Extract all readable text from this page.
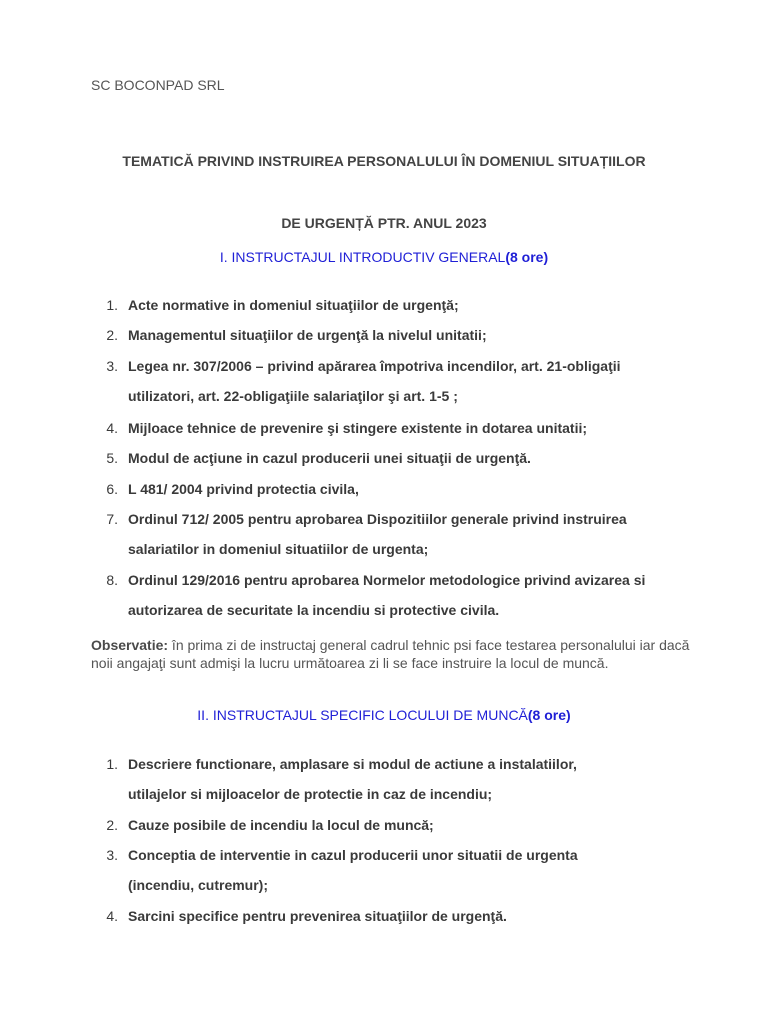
SC BOCONPAD SRL
TEMATICĂ PRIVIND INSTRUIREA PERSONALULUI ÎN DOMENIUL SITUAȚIILOR
DE URGENȚĂ PTR. ANUL 2023
I. INSTRUCTAJUL INTRODUCTIV GENERAL(8 ore)
1. Acte normative in domeniul situaţiilor de urgenţă;
2. Managementul situaţiilor de urgenţă la nivelul unitatii;
3. Legea nr. 307/2006 – privind apărarea împotriva incendilor, art. 21-obligaţii utilizatori, art. 22-obligaţiile salariaţilor şi art. 1-5 ;
4. Mijloace tehnice de prevenire şi stingere existente in dotarea unitatii;
5. Modul de acţiune in cazul producerii unei situaţii de urgenţă.
6. L 481/ 2004 privind protectia civila,
7. Ordinul 712/ 2005 pentru aprobarea Dispozitiilor generale privind instruirea salariatilor in domeniul situatiilor de urgenta;
8. Ordinul 129/2016 pentru aprobarea Normelor metodologice privind avizarea si autorizarea de securitate la incendiu si protective civila.
Observatie: în prima zi de instructaj general cadrul tehnic psi face testarea personalului iar dacă noii angajaţi sunt admişi la lucru următoarea zi li se face instruire la locul de muncă.
II. INSTRUCTAJUL SPECIFIC LOCULUI DE MUNCĂ(8 ore)
1. Descriere functionare, amplasare si modul de actiune a instalatiilor, utilajelor si mijloacelor de protectie in caz de incendiu;
2. Cauze posibile de incendiu la locul de muncă;
3. Conceptia de interventie in cazul producerii unor situatii de urgenta (incendiu, cutremur);
4. Sarcini specifice pentru prevenirea situaţiilor de urgenţă.
